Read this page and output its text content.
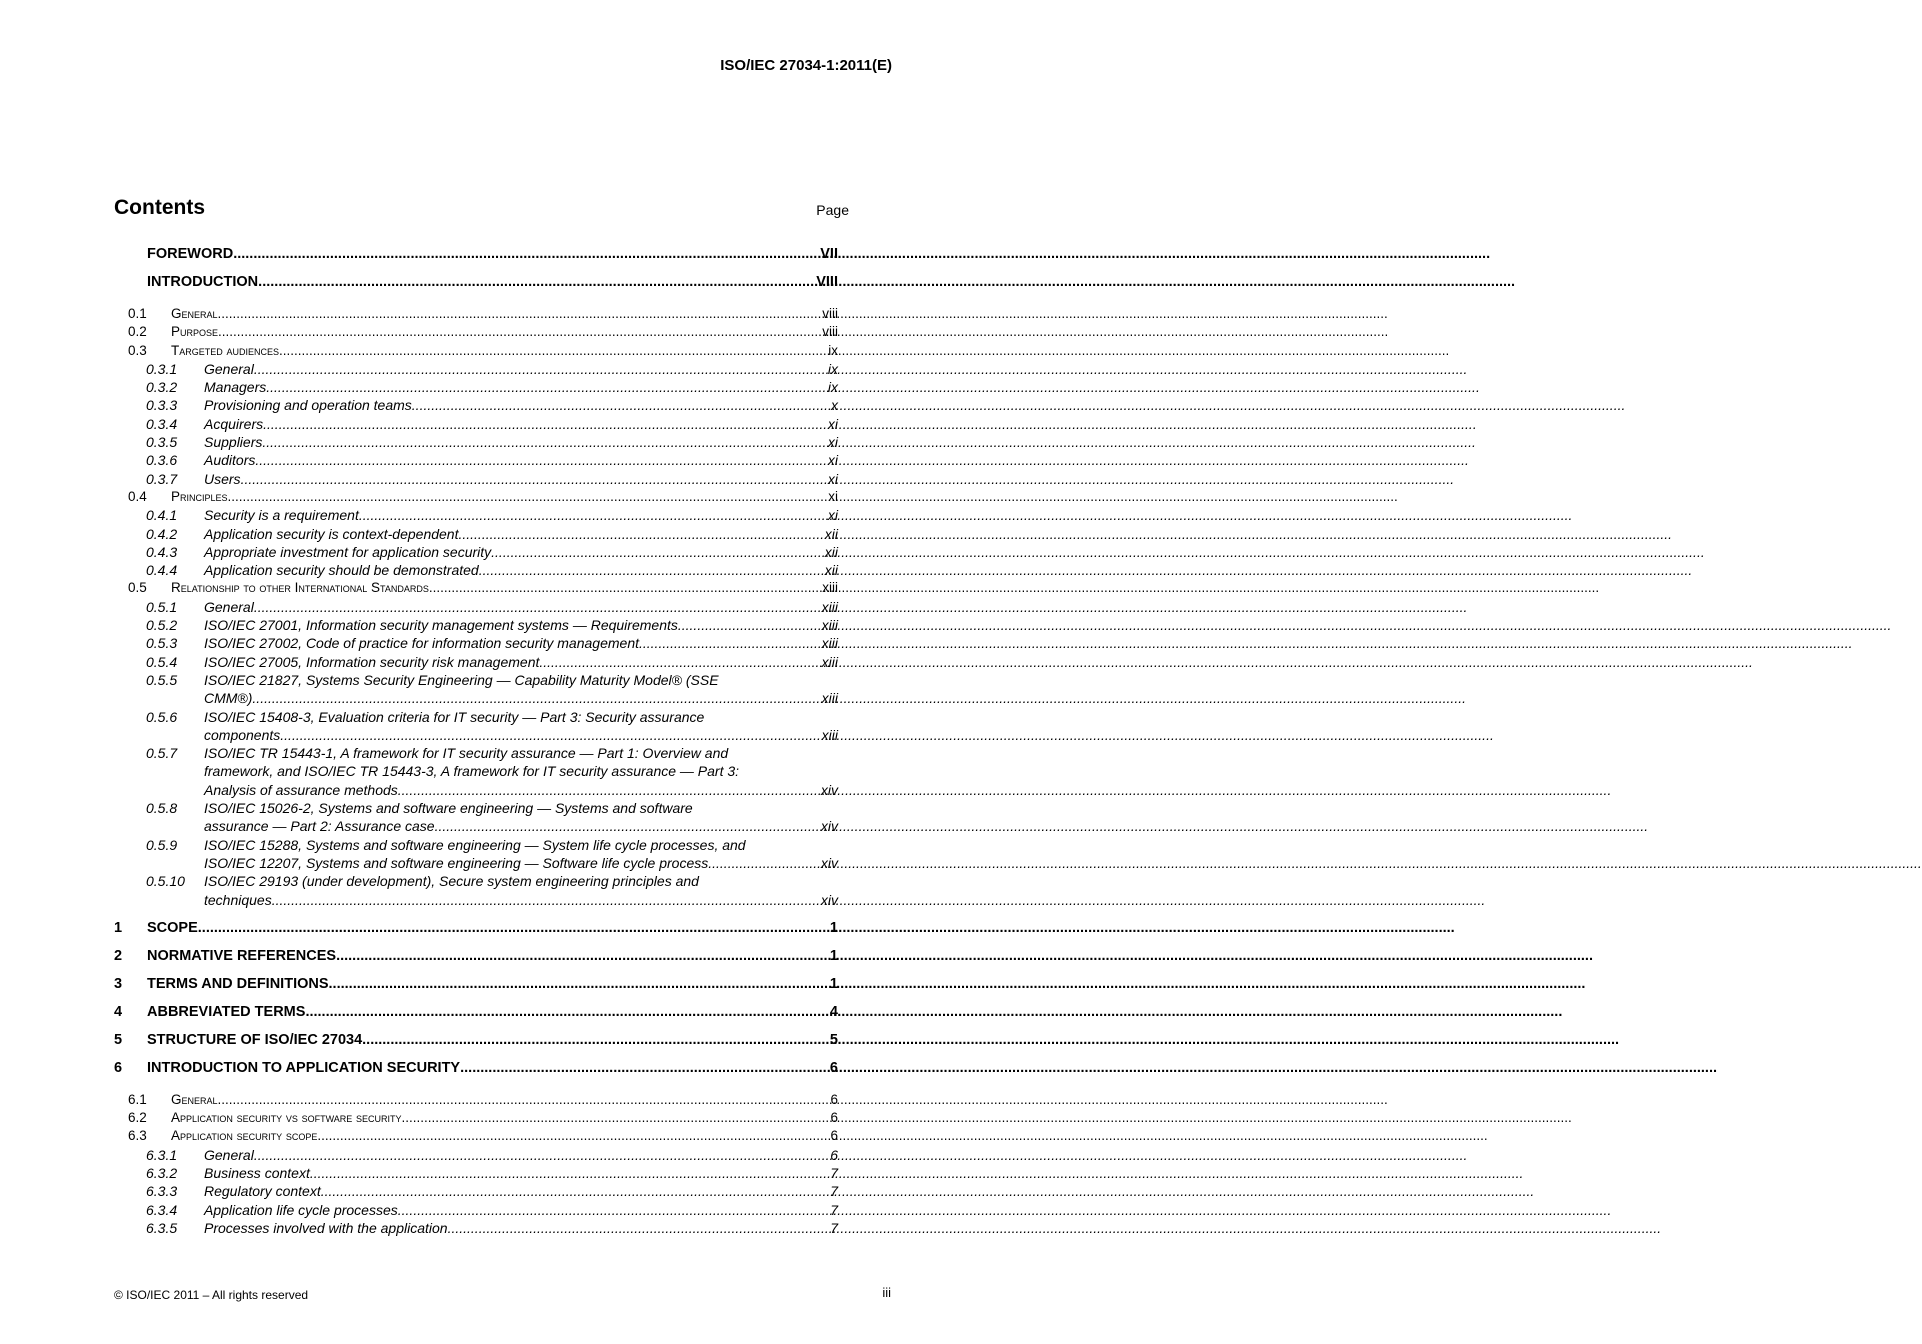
ISO/IEC 27034-1:2011(E)
Contents	Page
FOREWORD .....	VII
INTRODUCTION .....	VIII
0.1 General .....	viii
0.2 Purpose .....	viii
0.3 Targeted audiences .....	ix
0.3.1 General .....	ix
0.3.2 Managers .....	ix
0.3.3 Provisioning and operation teams .....	x
0.3.4 Acquirers .....	xi
0.3.5 Suppliers .....	xi
0.3.6 Auditors .....	xi
0.3.7 Users .....	xi
0.4 Principles .....	xi
0.4.1 Security is a requirement .....	xi
0.4.2 Application security is context-dependent .....	xii
0.4.3 Appropriate investment for application security .....	xii
0.4.4 Application security should be demonstrated .....	xii
0.5 Relationship to other International Standards .....	xiii
0.5.1 General .....	xiii
0.5.2 ISO/IEC 27001, Information security management systems — Requirements .....	xiii
0.5.3 ISO/IEC 27002, Code of practice for information security management .....	xiii
0.5.4 ISO/IEC 27005, Information security risk management .....	xiii
0.5.5 ISO/IEC 21827, Systems Security Engineering — Capability Maturity Model® (SSE
CMM®) .....	xiii
0.5.6 ISO/IEC 15408-3, Evaluation criteria for IT security — Part 3: Security assurance
components .....	xiii
0.5.7 ISO/IEC TR 15443-1, A framework for IT security assurance — Part 1: Overview and
framework, and ISO/IEC TR 15443-3, A framework for IT security assurance — Part 3:
Analysis of assurance methods .....	xiv
0.5.8 ISO/IEC 15026-2, Systems and software engineering — Systems and software
assurance — Part 2: Assurance case .....	xiv
0.5.9 ISO/IEC 15288, Systems and software engineering — System life cycle processes, and
ISO/IEC 12207, Systems and software engineering — Software life cycle process .....	xiv
0.5.10 ISO/IEC 29193 (under development), Secure system engineering principles and
techniques .....	xiv
1 SCOPE .....	1
2 NORMATIVE REFERENCES .....	1
3 TERMS AND DEFINITIONS .....	1
4 ABBREVIATED TERMS .....	4
5 STRUCTURE OF ISO/IEC 27034 .....	5
6 INTRODUCTION TO APPLICATION SECURITY .....	6
6.1 General .....	6
6.2 Application security vs software security .....	6
6.3 Application security scope .....	6
6.3.1 General .....	6
6.3.2 Business context .....	7
6.3.3 Regulatory context .....	7
6.3.4 Application life cycle processes .....	7
6.3.5 Processes involved with the application .....	7
© ISO/IEC 2011 – All rights reserved	iii
